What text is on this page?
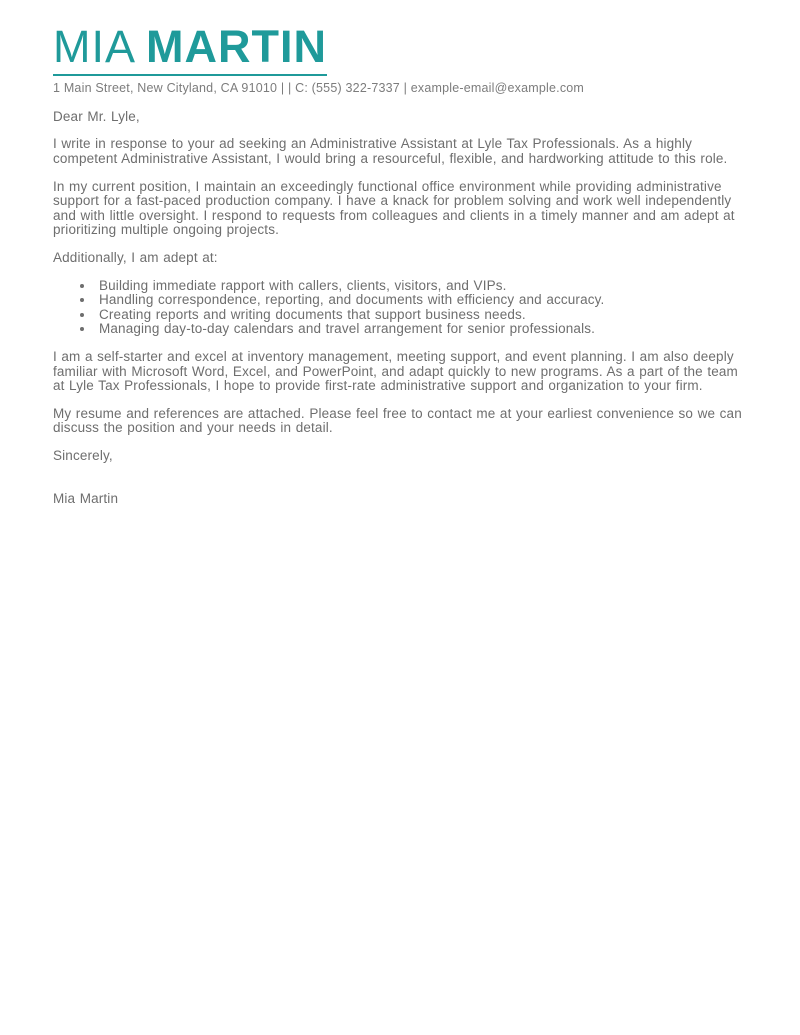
MIA MARTIN
1 Main Street, New Cityland, CA 91010 | | C: (555) 322-7337 | example-email@example.com

Dear Mr. Lyle,

I write in response to your ad seeking an Administrative Assistant at Lyle Tax Professionals. As a highly competent Administrative Assistant, I would bring a resourceful, flexible, and hardworking attitude to this role.

In my current position, I maintain an exceedingly functional office environment while providing administrative support for a fast-paced production company. I have a knack for problem solving and work well independently and with little oversight. I respond to requests from colleagues and clients in a timely manner and am adept at prioritizing multiple ongoing projects.

Additionally, I am adept at:

• Building immediate rapport with callers, clients, visitors, and VIPs.
• Handling correspondence, reporting, and documents with efficiency and accuracy.
• Creating reports and writing documents that support business needs.
• Managing day-to-day calendars and travel arrangement for senior professionals.

I am a self-starter and excel at inventory management, meeting support, and event planning. I am also deeply familiar with Microsoft Word, Excel, and PowerPoint, and adapt quickly to new programs. As a part of the team at Lyle Tax Professionals, I hope to provide first-rate administrative support and organization to your firm.

My resume and references are attached. Please feel free to contact me at your earliest convenience so we can discuss the position and your needs in detail.

Sincerely,

Mia Martin
